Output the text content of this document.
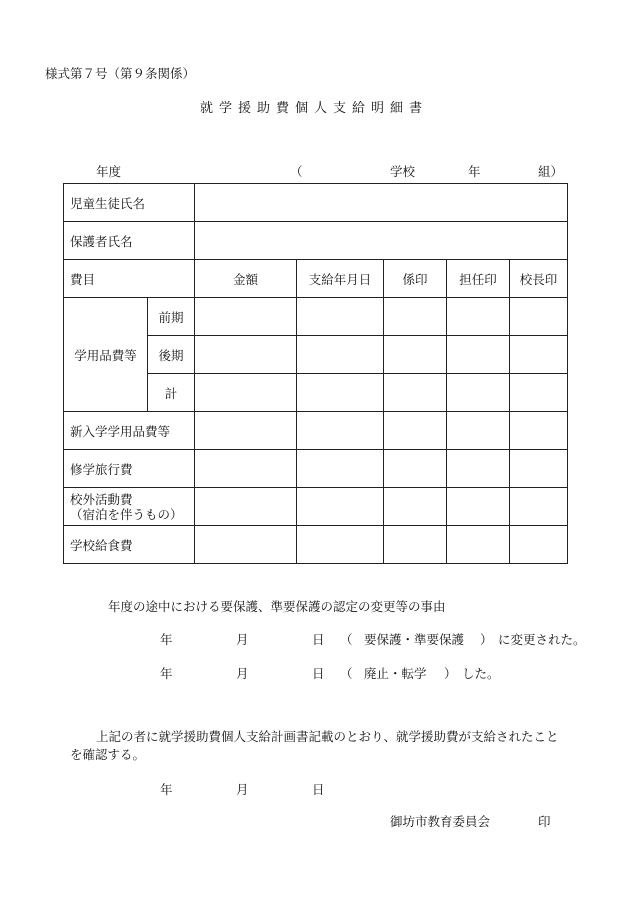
様式第７号（第９条関係）
就学援助費個人支給明細書
年度	（	学校	年	組）
児童生徒氏名						
保護者氏名						
費目		金額	支給年月日	係印	担任印	校長印
学用品費等	前期					
	後期					
	計					
新入学学用品費等						
修学旅行費						

校外活動費
（宿泊を伴うもの）						

学校給食費						
年度の途中における要保護、準要保護の認定の変更等の事由
年	月	日 （ 要保護・準要保護 ） に変更された。
年	月	日 （ 廃止・転学 ） した。
上記の者に就学援助費個人支給計画書記載のとおり、就学援助費が支給されたこと
を確認する。
年	月	日
御坊市教育委員会	印
